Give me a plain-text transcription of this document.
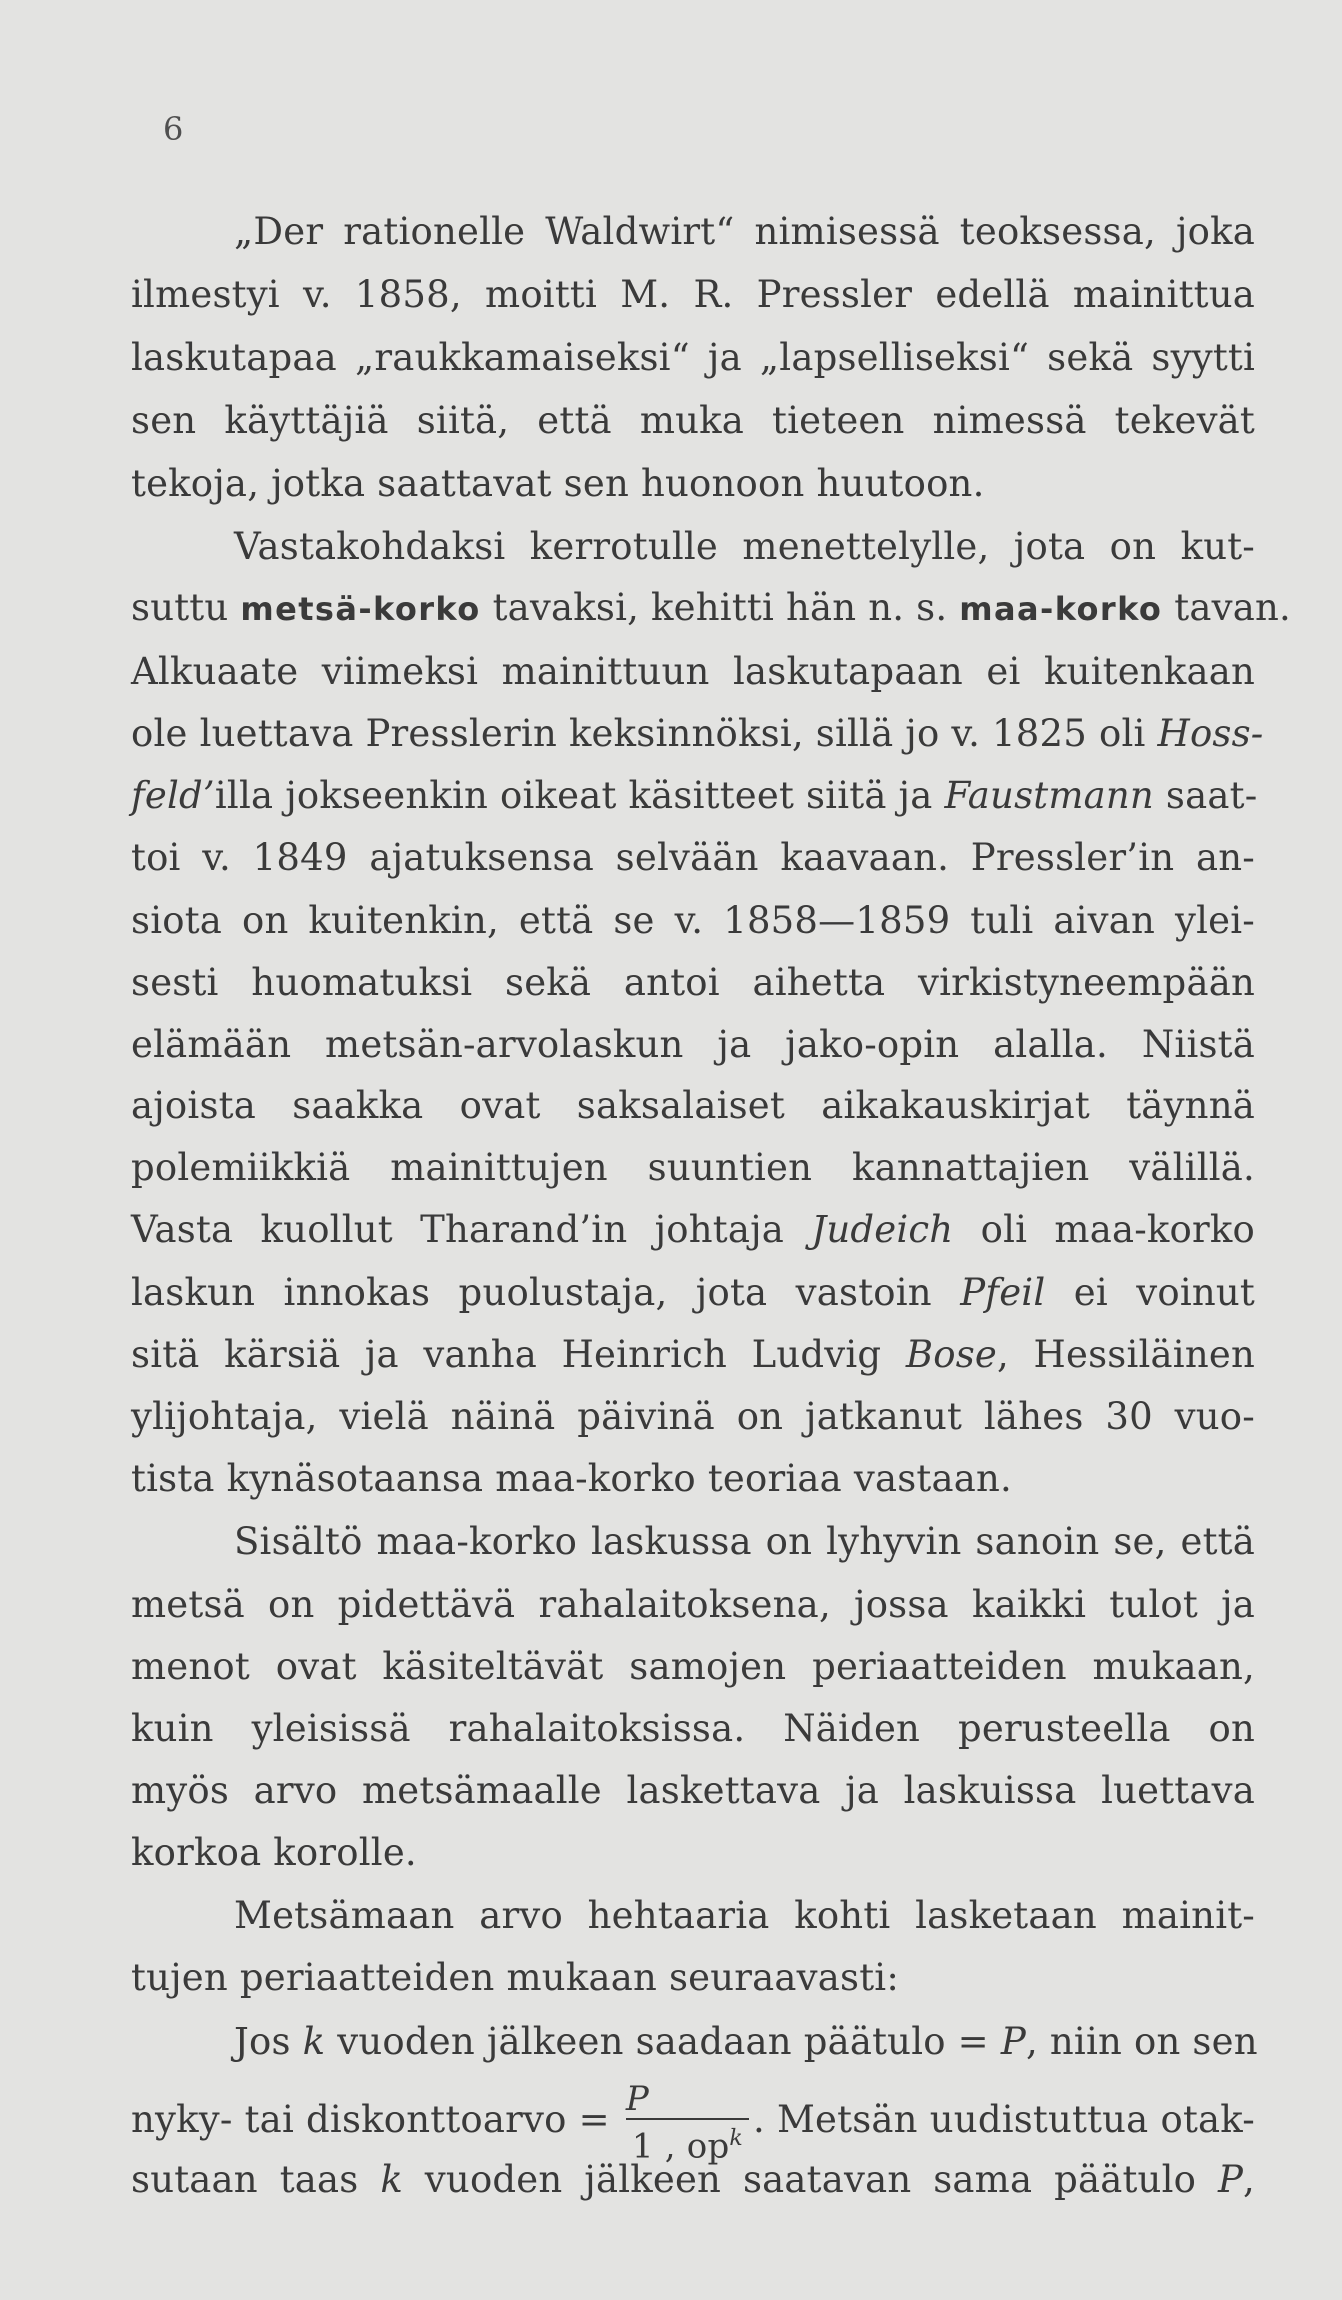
6
„Der rationelle Waldwirt“ nimisessä teoksessa, joka
ilmestyi v. 1858, moitti M. R. Pressler edellä mainittua
laskutapaa „raukkamaiseksi“ ja „lapselliseksi“ sekä syytti
sen käyttäjiä siitä, että muka tieteen nimessä tekevät
tekoja, jotka saattavat sen huonoon huutoon.
Vastakohdaksi kerrotulle menettelylle, jota on kut-
suttu metsä-korko tavaksi, kehitti hän n. s. maa-korko tavan.
Alkuaate viimeksi mainittuun laskutapaan ei kuitenkaan
ole luettava Presslerin keksinnöksi, sillä jo v. 1825 oli Hoss-
feld’illa jokseenkin oikeat käsitteet siitä ja Faustmann saat-
toi v. 1849 ajatuksensa selvään kaavaan. Pressler’in an-
siota on kuitenkin, että se v. 1858—1859 tuli aivan ylei-
sesti huomatuksi sekä antoi aihetta virkistyneempään
elämään metsän-arvolaskun ja jako-opin alalla. Niistä
ajoista saakka ovat saksalaiset aikakauskirjat täynnä
polemiikkiä mainittujen suuntien kannattajien välillä.
Vasta kuollut Tharand’in johtaja Judeich oli maa-korko
laskun innokas puolustaja, jota vastoin Pfeil ei voinut
sitä kärsiä ja vanha Heinrich Ludvig Bose, Hessiläinen
ylijohtaja, vielä näinä päivinä on jatkanut lähes 30 vuo-
tista kynäsotaansa maa-korko teoriaa vastaan.
Sisältö maa-korko laskussa on lyhyvin sanoin se, että
metsä on pidettävä rahalaitoksena, jossa kaikki tulot ja
menot ovat käsiteltävät samojen periaatteiden mukaan,
kuin yleisissä rahalaitoksissa. Näiden perusteella on
myös arvo metsämaalle laskettava ja laskuissa luettava
korkoa korolle.
Metsämaan arvo hehtaaria kohti lasketaan mainit-
tujen periaatteiden mukaan seuraavasti:
Jos k vuoden jälkeen saadaan päätulo = P, niin on sen
nyky- tai diskonttoarvo = $\frac{P}{1 , op^k}$ . Metsän uudistuttua otak-
sutaan taas k vuoden jälkeen saatavan sama päätulo P,
